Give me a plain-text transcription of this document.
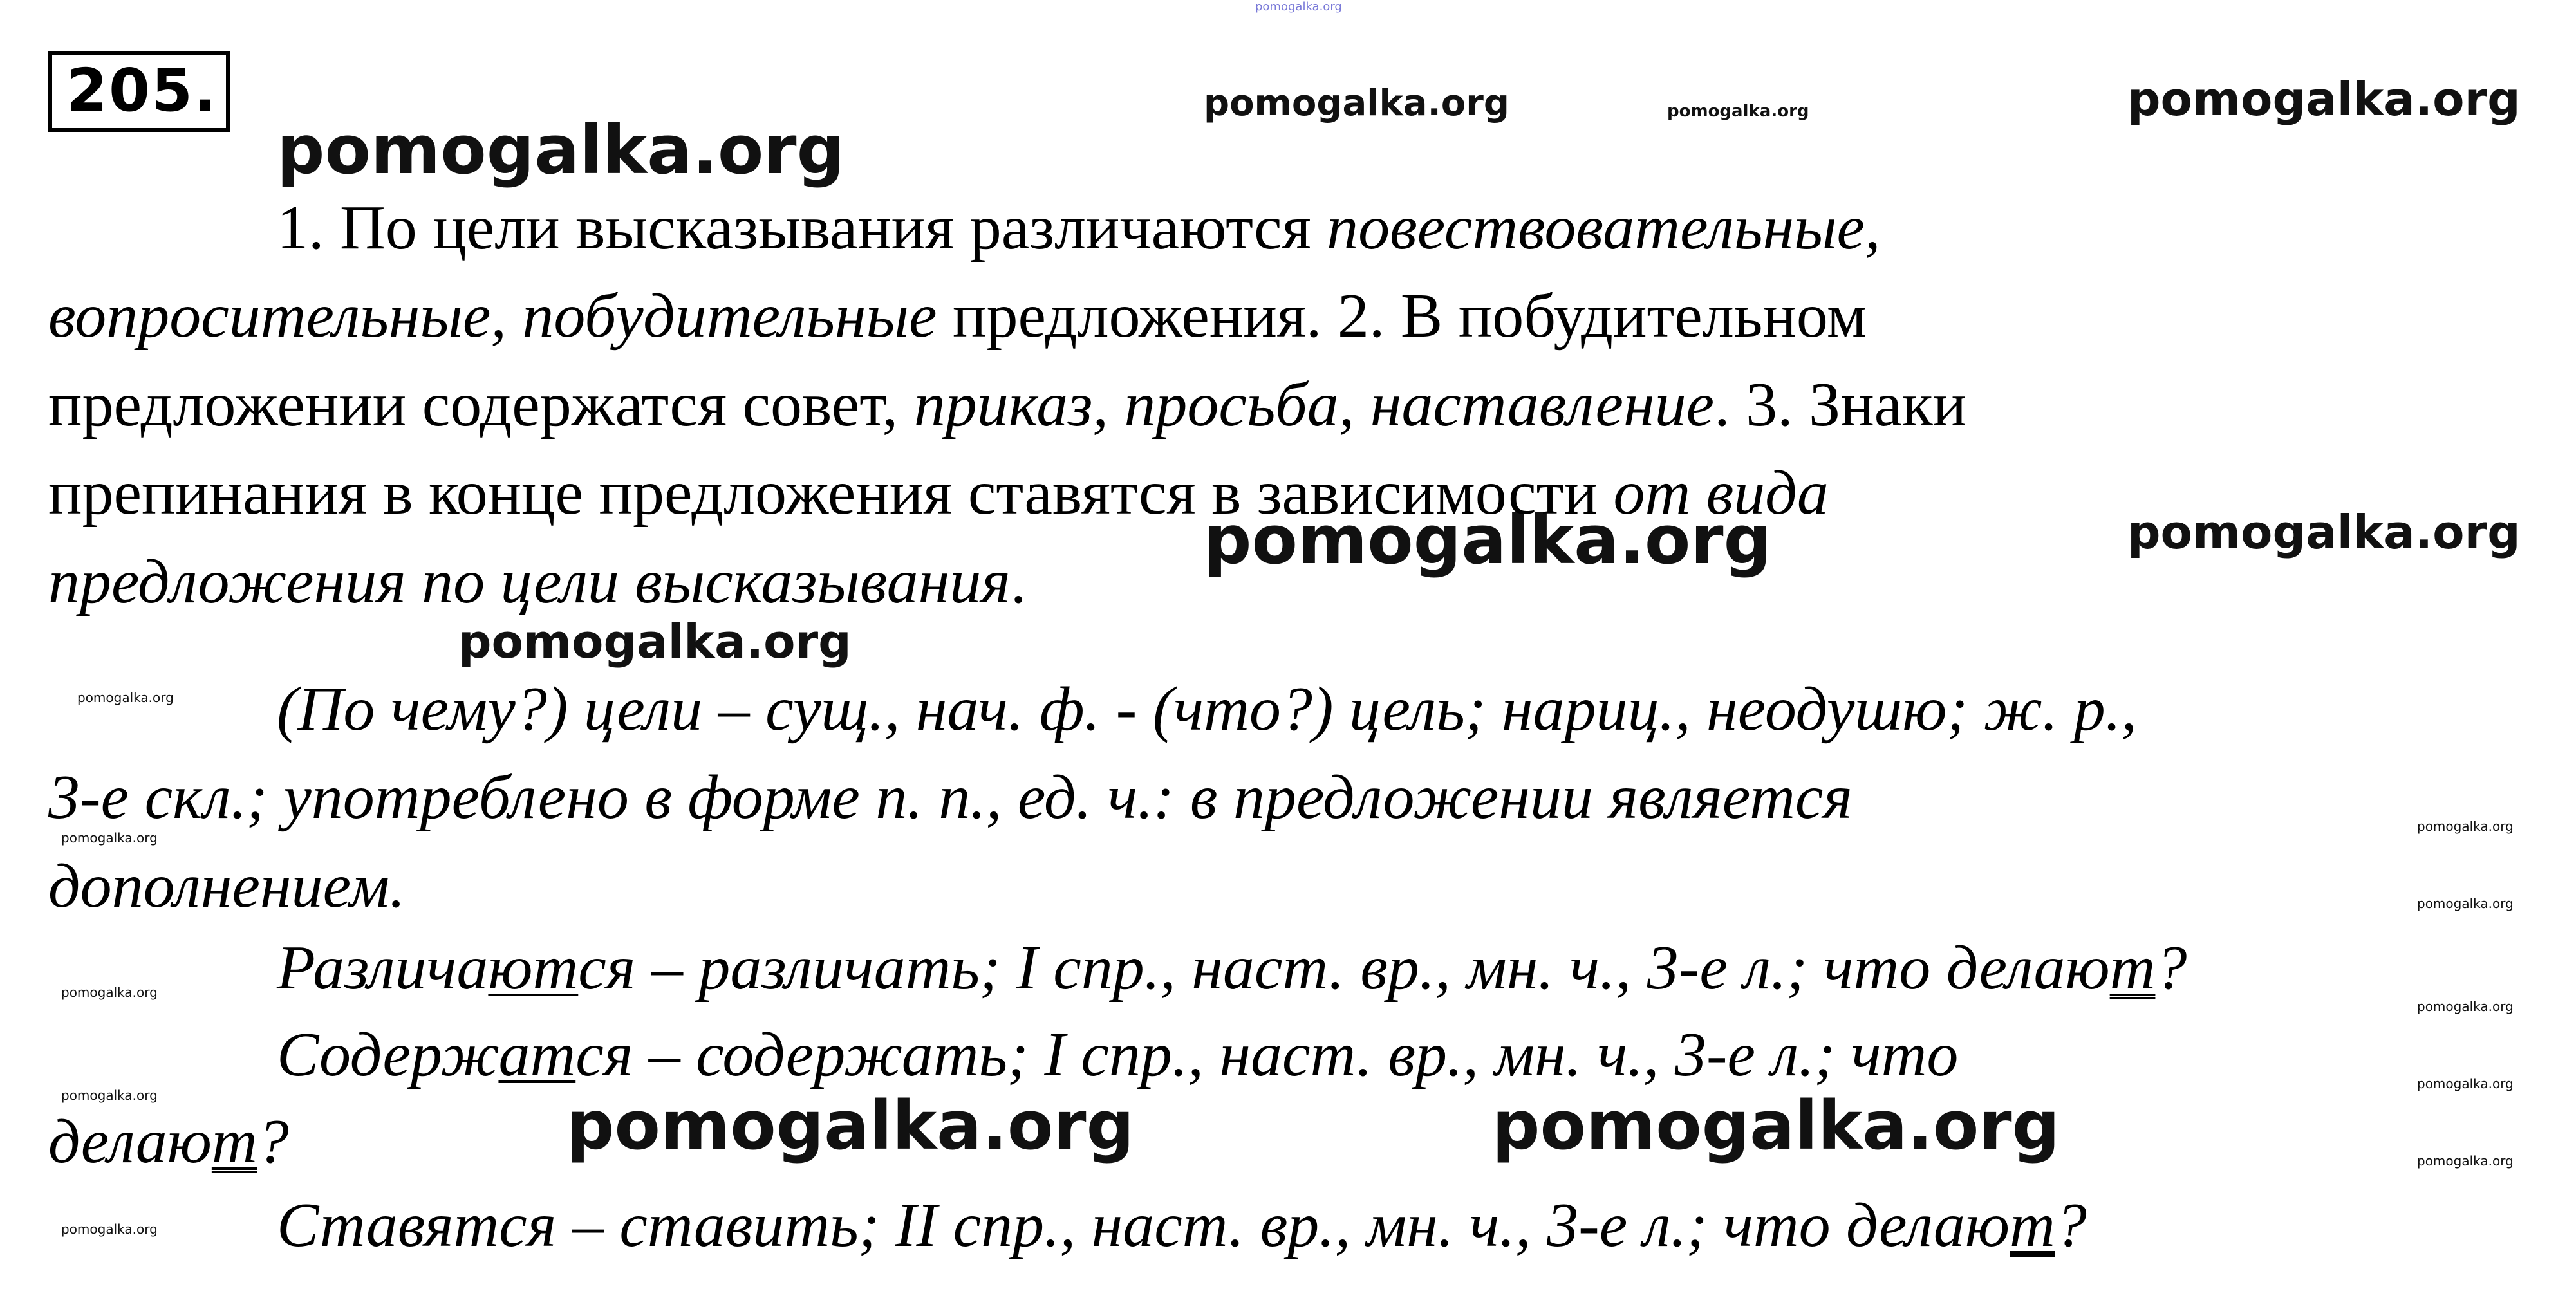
205.
pomogalka.org
pomogalka.org	pomogalka.org	pomogalka.org
pomogalka.org
pomogalka.org	pomogalka.org
pomogalka.org
pomogalka.org
pomogalka.org
pomogalka.org
pomogalka.org
pomogalka.org
pomogalka.org
pomogalka.org
pomogalka.org
pomogalka.org	pomogalka.org	pomogalka.org
pomogalka.org
1. По цели высказывания различаются повествовательные,
вопросительные, побудительные предложения. 2. В побудительном
предложении содержатся совет, приказ, просьба, наставление. 3. Знаки
препинания в конце предложения ставятся в зависимости от вида
предложения по цели высказывания.
(По чему?) цели – сущ., нач. ф. - (что?) цель; нариц., неодушю; ж. р.,
3-е скл.; употреблено в форме п. п., ед. ч.: в предложении является
дополнением.
Различаются – различать; I спр., наст. вр., мн. ч., 3-е л.; что делают?
Содержатся – содержать; I спр., наст. вр., мн. ч., 3-е л.; что
делают?
Ставятся – ставить; II спр., наст. вр., мн. ч., 3-е л.; что делают?
